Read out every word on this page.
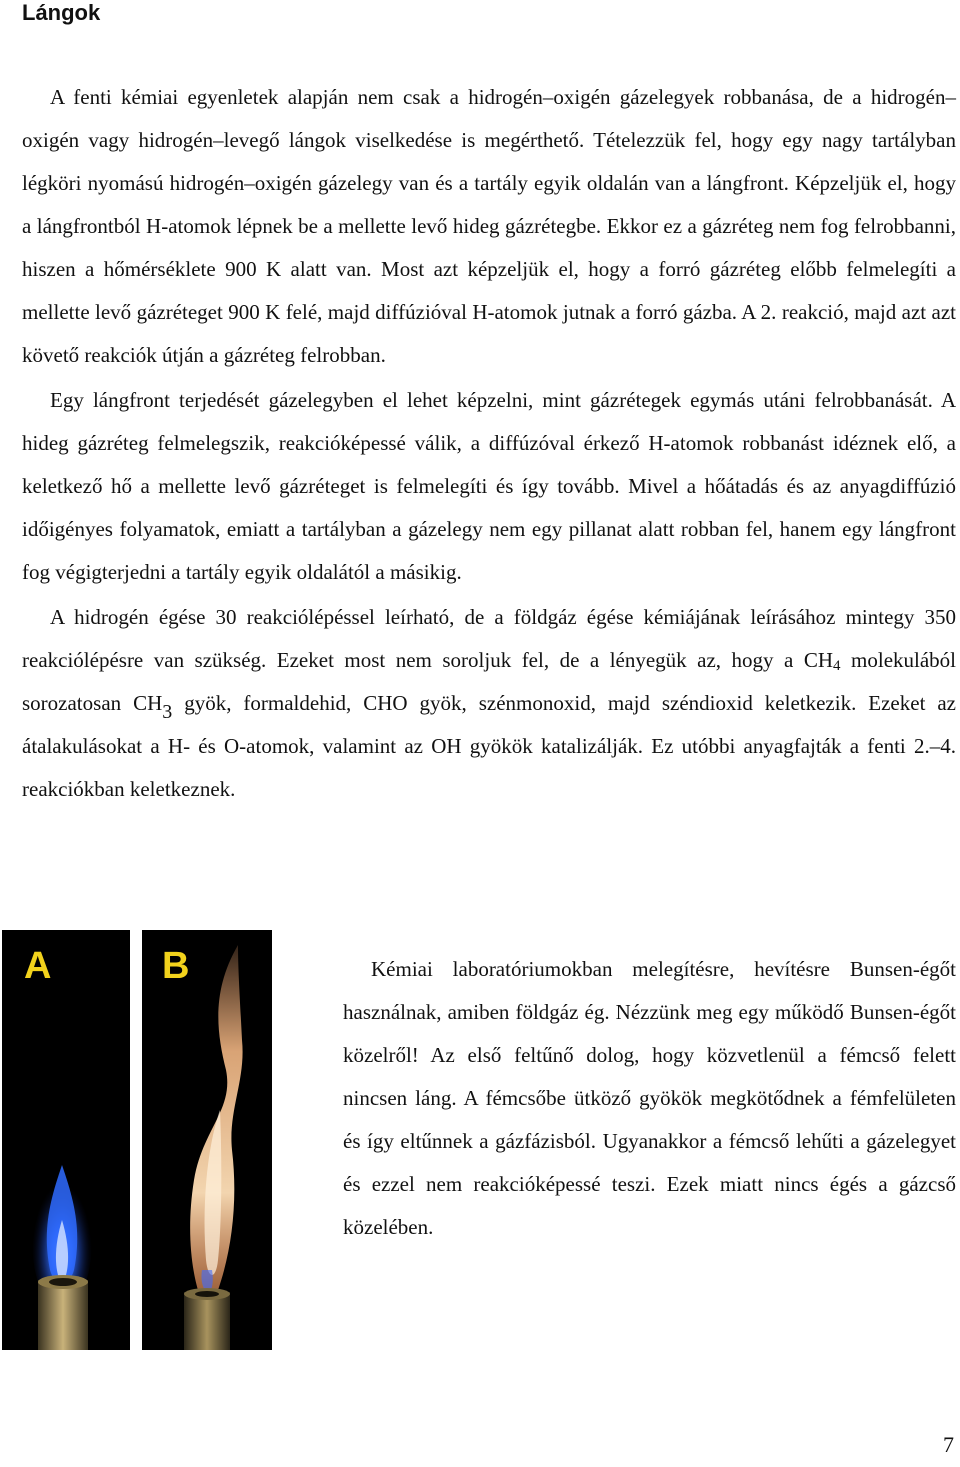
Lángok

A fenti kémiai egyenletek alapján nem csak a hidrogén–oxigén gázelegyek robbanása, de a hidrogén–oxigén vagy hidrogén–levegő lángok viselkedése is megérthető. Tételezzük fel, hogy egy nagy tartályban légköri nyomású hidrogén–oxigén gázelegy van és a tartály egyik oldalán van a lángfront. Képzeljük el, hogy a lángfrontból H-atomok lépnek be a mellette levő hideg gázrétegbe. Ekkor ez a gázréteg nem fog felrobbanni, hiszen a hőmérséklete 900 K alatt van. Most azt képzeljük el, hogy a forró gázréteg előbb felmelegíti a mellette levő gázréteget 900 K felé, majd diffúzióval H-atomok jutnak a forró gázba. A 2. reakció, majd azt azt követő reakciók útján a gázréteg felrobban.

Egy lángfront terjedését gázelegyben el lehet képzelni, mint gázrétegek egymás utáni felrobbanását. A hideg gázréteg felmelegszik, reakcióképessé válik, a diffúzóval érkező H-atomok robbanást idéznek elő, a keletkező hő a mellette levő gázréteget is felmelegíti és így tovább. Mivel a hőátadás és az anyagdiffúzió időigényes folyamatok, emiatt a tartályban a gázelegy nem egy pillanat alatt robban fel, hanem egy lángfront fog végigterjedni a tartály egyik oldalától a másikig.

A hidrogén égése 30 reakciólépéssel leírható, de a földgáz égése kémiájának leírásához mintegy 350 reakciólépésre van szükség. Ezeket most nem soroljuk fel, de a lényegük az, hogy a $CH_4$ molekulából sorozatosan CH3 gyök, formaldehid, CHO gyök, szénmonoxid, majd széndioxid keletkezik. Ezeket az átalakulásokat a H- és O-atomok, valamint az OH gyökök katalizálják. Ez utóbbi anyagfajták a fenti 2.–4. reakciókban keletkeznek.

A	B	Kémiai laboratóriumokban melegítésre, hevítésre Bunsen-égőt használnak, amiben földgáz ég. Nézzünk meg egy működő Bunsen-égőt közelről! Az első feltűnő dolog, hogy közvetlenül a fémcső felett nincsen láng. A fémcsőbe ütköző gyökök megkötődnek a fémfelületen és így eltűnnek a gázfázisból. Ugyanakkor a fémcső lehűti a gázelegyet és ezzel nem reakcióképessé teszi. Ezek miatt nincs égés a gázcső közelében.

7
